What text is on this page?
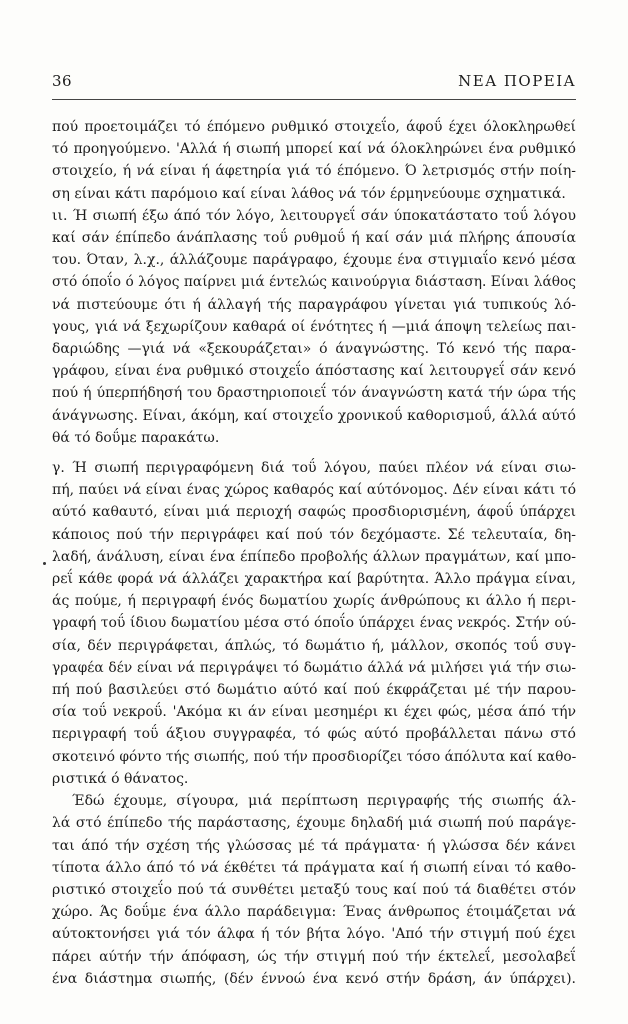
36	ΝΕΑ ΠΟΡΕΙΑ

πού προετοιμάζει τό έπόμενο ρυθμικό στοιχεΐο, άφοΰ έχει όλοκληρωθεί
τό προηγούμενο. 'Αλλά ή σιωπή μπορεί καί νά όλοκληρώνει ένα ρυθμικό
στοιχείο, ή νά είναι ή άφετηρία γιά τό έπόμενο. Ό λετρισμός στήν ποίη-
ση είναι κάτι παρόμοιο καί είναι λάθος νά τόν έρμηνεύουμε σχηματικά.

ιι. Ή σιωπή έξω άπό τόν λόγο, λειτουργεΐ σάν ύποκατάστατο τοΰ λόγου
καί σάν έπίπεδο άνάπλασης τοΰ ρυθμοΰ ή καί σάν μιά πλήρης άπουσία
του. Όταν, λ.χ., άλλάζουμε παράγραφο, έχουμε ένα στιγμιαΐο κενό μέσα
στό όποΐο ό λόγος παίρνει μιά έντελώς καινούργια διάσταση. Είναι λάθος
νά πιστεύουμε ότι ή άλλαγή τής παραγράφου γίνεται γιά τυπικούς λό-
γους, γιά νά ξεχωρίζουν καθαρά οί ένότητες ή —μιά άποψη τελείως παι-
δαριώδης —γιά νά «ξεκουράζεται» ό άναγνώστης. Τό κενό τής παρα-
γράφου, είναι ένα ρυθμικό στοιχεΐο άπόστασης καί λειτουργεΐ σάν κενό
πού ή ύπερπήδησή του δραστηριοποιεΐ τόν άναγνώστη κατά τήν ώρα τής
άνάγνωσης. Είναι, άκόμη, καί στοιχεΐο χρονικοΰ καθορισμοΰ, άλλά αύτό
θά τό δοΰμε παρακάτω.

γ. Ή σιωπή περιγραφόμενη διά τοΰ λόγου, παύει πλέον νά είναι σιω-
πή, παύει νά είναι ένας χώρος καθαρός καί αύτόνομος. Δέν είναι κάτι τό
αύτό καθαυτό, είναι μιά περιοχή σαφώς προσδιορισμένη, άφοΰ ύπάρχει
κάποιος πού τήν περιγράφει καί πού τόν δεχόμαστε. Σέ τελευταία, δη-
λαδή, άνάλυση, είναι ένα έπίπεδο προβολής άλλων πραγμάτων, καί μπο-
ρεΐ κάθε φορά νά άλλάζει χαρακτήρα καί βαρύτητα. Άλλο πράγμα είναι,
άς πούμε, ή περιγραφή ένός δωματίου χωρίς άνθρώπους κι άλλο ή περι-
γραφή τοΰ ίδιου δωματίου μέσα στό όποΐο ύπάρχει ένας νεκρός. Στήν ού-
σία, δέν περιγράφεται, άπλώς, τό δωμάτιο ή, μάλλον, σκοπός τοΰ συγ-
γραφέα δέν είναι νά περιγράψει τό δωμάτιο άλλά νά μιλήσει γιά τήν σιω-
πή πού βασιλεύει στό δωμάτιο αύτό καί πού έκφράζεται μέ τήν παρου-
σία τοΰ νεκροΰ. 'Ακόμα κι άν είναι μεσημέρι κι έχει φώς, μέσα άπό τήν
περιγραφή τοΰ άξιου συγγραφέα, τό φώς αύτό προβάλλεται πάνω στό
σκοτεινό φόντο τής σιωπής, πού τήν προσδιορίζει τόσο άπόλυτα καί καθο-
ριστικά ό θάνατος.

Έδώ έχουμε, σίγουρα, μιά περίπτωση περιγραφής τής σιωπής άλ-
λά στό έπίπεδο τής παράστασης, έχουμε δηλαδή μιά σιωπή πού παράγε-
ται άπό τήν σχέση τής γλώσσας μέ τά πράγματα· ή γλώσσα δέν κάνει
τίποτα άλλο άπό τό νά έκθέτει τά πράγματα καί ή σιωπή είναι τό καθο-
ριστικό στοιχεΐο πού τά συνθέτει μεταξύ τους καί πού τά διαθέτει στόν
χώρο. Άς δοΰμε ένα άλλο παράδειγμα: Ένας άνθρωπος έτοιμάζεται νά
αύτοκτονήσει γιά τόν άλφα ή τόν βήτα λόγο. 'Από τήν στιγμή πού έχει
πάρει αύτήν τήν άπόφαση, ώς τήν στιγμή πού τήν έκτελεΐ, μεσολαβεΐ
ένα διάστημα σιωπής, (δέν έννοώ ένα κενό στήν δράση, άν ύπάρχει).
